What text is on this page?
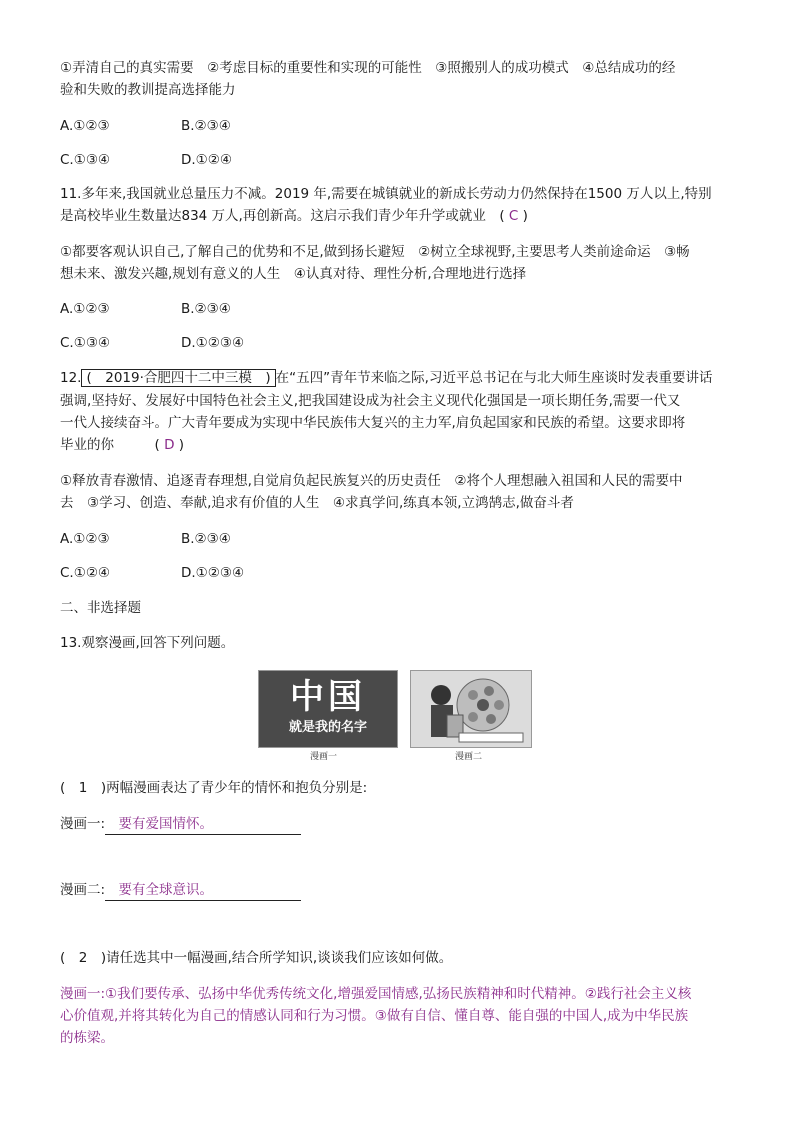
①弄清自己的真实需要　②考虑目标的重要性和实现的可能性　③照搬别人的成功模式　④总结成功的经
验和失败的教训提高选择能力
A.①②③	B.②③④
C.①③④	D.①②④
11.多年来,我国就业总量压力不减。2019 年,需要在城镇就业的新成长劳动力仍然保持在1500 万人以上,特别
是高校毕业生数量达834 万人,再创新高。这启示我们青少年升学或就业　( C )
①都要客观认识自己,了解自己的优势和不足,做到扬长避短　②树立全球视野,主要思考人类前途命运　③畅
想未来、激发兴趣,规划有意义的人生　④认真对待、理性分析,合理地进行选择
A.①②③	B.②③④
C.①③④	D.①②③④
12. (　2019·合肥四十二中三模　) 在“五四”青年节来临之际,习近平总书记在与北大师生座谈时发表重要讲话
强调,坚持好、发展好中国特色社会主义,把我国建设成为社会主义现代化强国是一项长期任务,需要一代又
一代人接续奋斗。广大青年要成为实现中华民族伟大复兴的主力军,肩负起国家和民族的希望。这要求即将
毕业的你　　　( D )
①释放青春激情、追逐青春理想,自觉肩负起民族复兴的历史责任　②将个人理想融入祖国和人民的需要中
去　③学习、创造、奉献,追求有价值的人生　④求真学问,练真本领,立鸿鹄志,做奋斗者
A.①②③	B.②③④
C.①②④	D.①②③④
二、非选择题
13.观察漫画,回答下列问题。
中国
就是我的名字
漫画一	漫画二
(　1　)两幅漫画表达了青少年的情怀和抱负分别是:
漫画一:　要有爱国情怀。
漫画二:　要有全球意识。
(　2　)请任选其中一幅漫画,结合所学知识,谈谈我们应该如何做。
漫画一:①我们要传承、弘扬中华优秀传统文化,增强爱国情感,弘扬民族精神和时代精神。②践行社会主义核
心价值观,并将其转化为自己的情感认同和行为习惯。③做有自信、懂自尊、能自强的中国人,成为中华民族
的栋梁。
